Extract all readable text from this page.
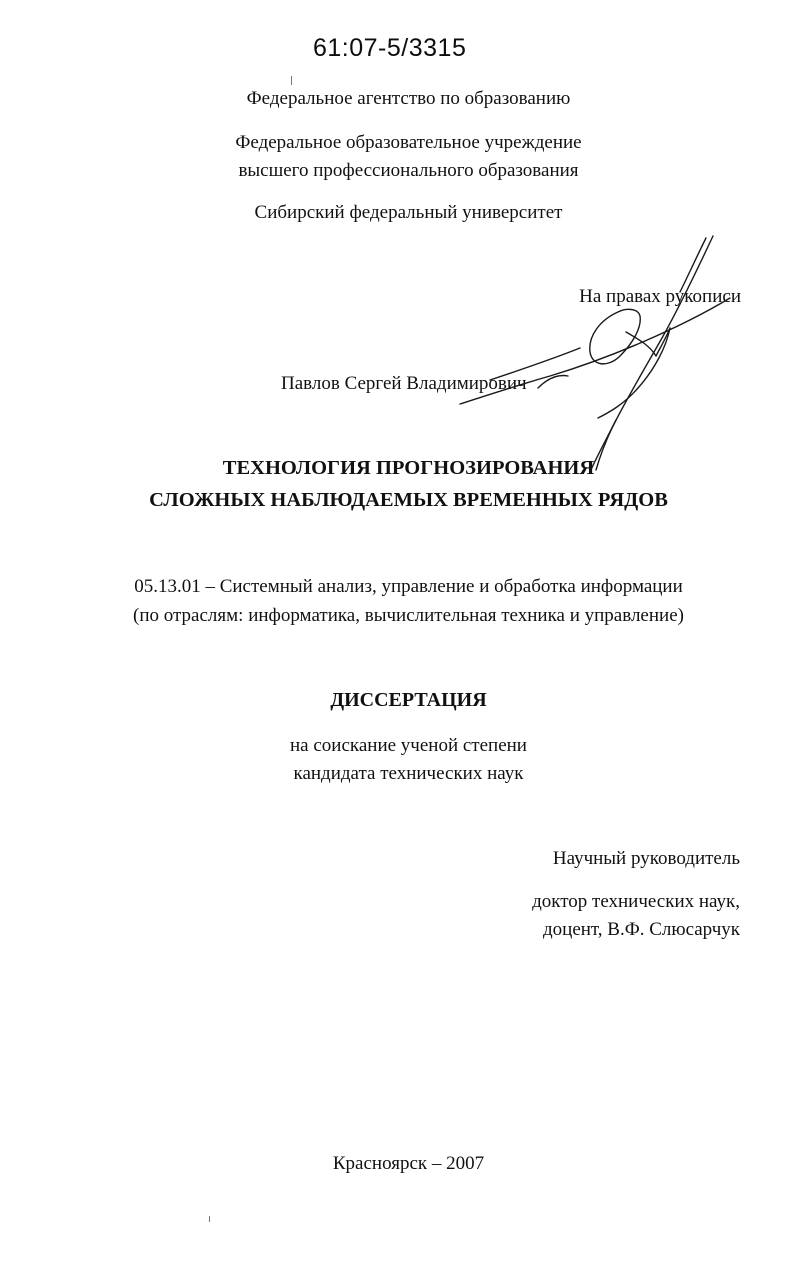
61:07-5/3315
Федеральное агентство по образованию
Федеральное образовательное учреждение
высшего профессионального образования
Сибирский федеральный университет
На правах рукописи
Павлов Сергей Владимирович
ТЕХНОЛОГИЯ ПРОГНОЗИРОВАНИЯ
СЛОЖНЫХ НАБЛЮДАЕМЫХ ВРЕМЕННЫХ РЯДОВ
05.13.01 – Системный анализ, управление и обработка информации
(по отраслям: информатика, вычислительная техника и управление)
ДИССЕРТАЦИЯ
на соискание ученой степени
кандидата технических наук
Научный руководитель
доктор технических наук,
доцент, В.Ф. Слюсарчук
Красноярск – 2007
